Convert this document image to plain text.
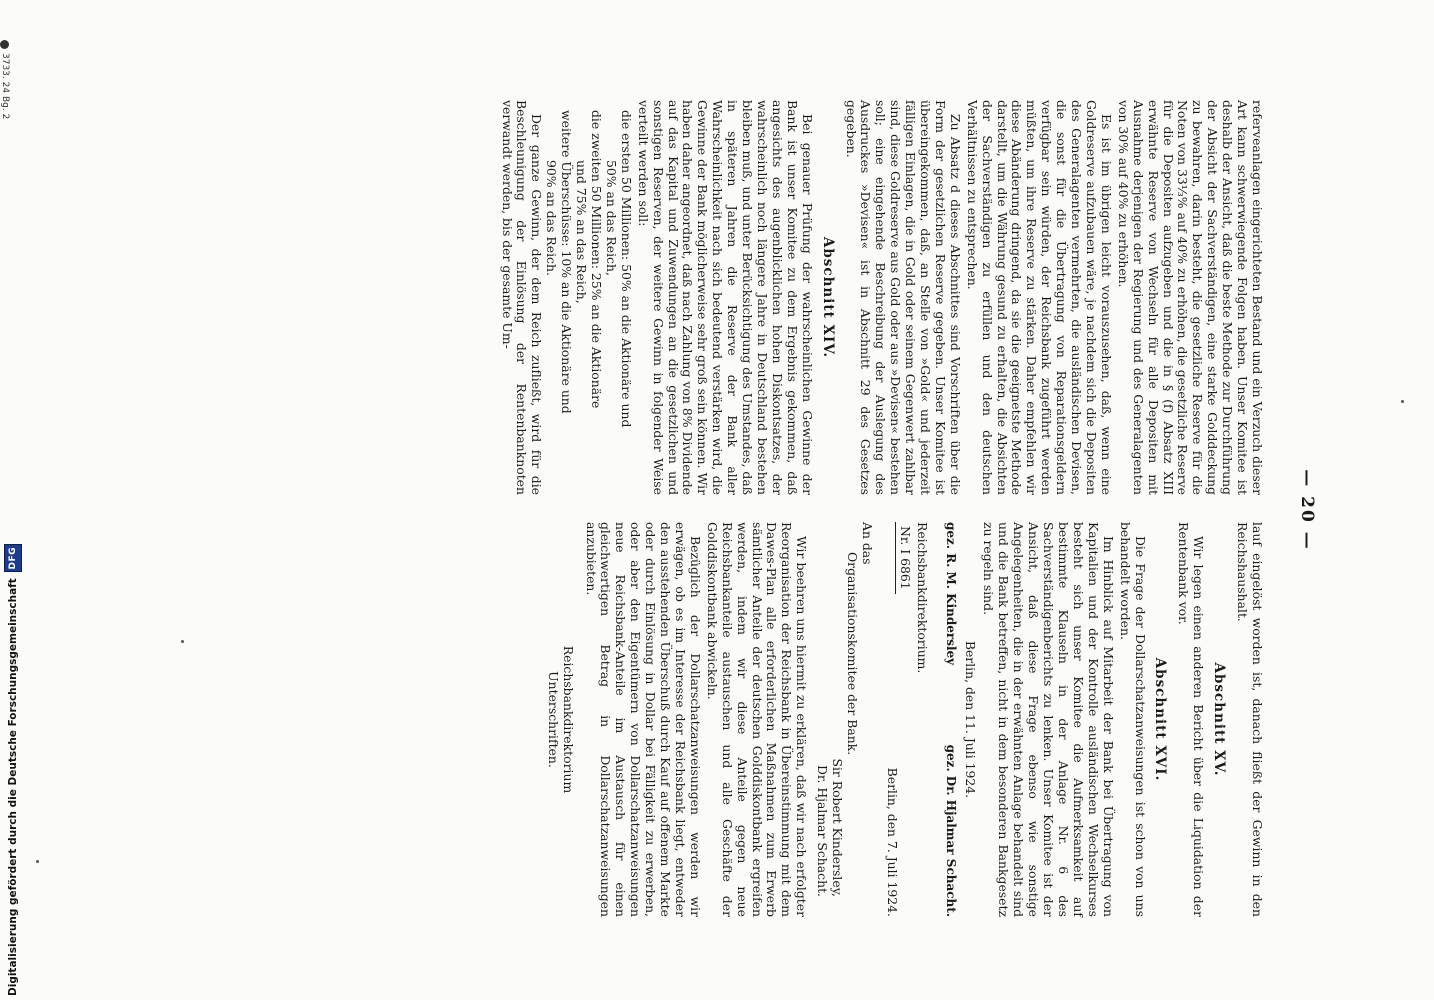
— 20 —

referveanlagen eingerichteten Bestand und ein Verzuch dieser Art kann schwerwiegende Folgen haben. Unser Komitee ist deshalb der Ansicht, daß die beste Methode zur Durchführung der Absicht der Sachverständigen, eine starke Golddeckung zu bewahren, darin besteht, die gesetzliche Reserve für die Noten von 33⅓% auf 40% zu erhöhen, die gesetzliche Reserve für die Depositen aufzugeben und die in § (f) Absatz XIII erwähnte Reserve von Wechseln für alle Depositen mit Ausnahme derjenigen der Regierung und des Generalagenten von 30% auf 40% zu erhöhen.

Es ist im übrigen leicht vorauszusehen, daß, wenn eine Goldreserve aufzubauen wäre, je nachdem sich die Depositen des Generalagenten vermehrten, die ausländischen Devisen, die sonst für die Übertragung von Reparationsgeldern verfügbar sein würden, der Reichsbank zugeführt werden müßten, um ihre Reserve zu stärken. Daher empfehlen wir diese Abänderung dringend, da sie die geeignetste Methode darstellt, um die Währung gesund zu erhalten, die Absichten der Sachverständigen zu erfüllen und den deutschen Verhältnissen zu entsprechen.

Zu Absatz d dieses Abschnittes sind Vorschriften über die Form der gesetzlichen Reserve gegeben. Unser Komitee ist übereingekommen, daß, an Stelle von »Gold« und jederzeit fälligen Einlagen, die in Gold oder seinem Gegenwert zahlbar sind, diese Goldreserve aus Gold oder aus »Devisen« bestehen soll; eine eingehende Beschreibung der Auslegung des Ausdruckes »Devisen« ist in Abschnitt 29 des Gesetzes gegeben.

Abschnitt XIV.

Bei genauer Prüfung der wahrscheinlichen Gewinne der Bank ist unser Komitee zu dem Ergebnis gekommen, daß angesichts des augenblicklichen hohen Diskontsatzes, der wahrscheinlich noch längere Jahre in Deutschland bestehen bleiben muß, und unter Berücksichtigung des Umstandes, daß in späteren Jahren die Reserve der Bank aller Wahrscheinlichkeit nach sich bedeutend verstärken wird, die Gewinne der Bank möglicherweise sehr groß sein können. Wir haben daher angeordnet, daß nach Zahlung von 8% Dividende auf das Kapital und Zuwendungen an die gesetzlichen und sonstigen Reserven, der weitere Gewinn in folgender Weise verteilt werden soll:

die ersten 50 Millionen: 50% an die Aktionäre und

50% an das Reich,

die zweiten 50 Millionen: 25% an die Aktionäre

und 75% an das Reich,

weitere Überschüsse: 10% an die Aktionäre und

90% an das Reich.

Der ganze Gewinn, der dem Reich zufließt, wird für die Beschleunigung der Einlösung der Rentenbanknoten verwandt werden, bis der gesamte Um-

lauf eingelöst worden ist, danach fließt der Gewinn in den Reichshaushalt.

Abschnitt XV.

Wir legen einen anderen Bericht über die Liquidation der Rentenbank vor.

Abschnitt XVI.

Die Frage der Dollarschatzanweisungen ist schon von uns behandelt worden.

Im Hinblick auf Mitarbeit der Bank bei Übertragung von Kapitalien und der Kontrolle ausländischen Wechselkurses besteht sich unser Komitee die Aufmerksamkeit auf bestimmte Klauseln in der Anlage Nr. 6 des Sachverständigenberichts zu lenken. Unser Komitee ist der Ansicht, daß diese Frage ebenso wie sonstige Angelegenheiten, die in der erwähnten Anlage behandelt sind und die Bank betreffen, nicht in dem besonderen Bankgesetz zu regeln sind.

Berlin, den 11. Juli 1924.
gez. R. M. Kindersley
gez. Dr. Hjalmar Schacht.
Reichsbankdirektorium.
Nr. I 6861
Berlin, den 7. Juli 1924.
An das
Organisationskomitee der Bank.
Sir Robert Kindersley,
Dr. Hjalmar Schacht.

Wir beehren uns hiermit zu erklären, daß wir nach erfolgter Reorganisation der Reichsbank in Übereinstimmung mit dem Dawes-Plan alle erforderlichen Maßnahmen zum Erwerb sämtlicher Anteile der deutschen Golddiskontbank ergreifen werden, indem wir diese Anteile gegen neue Reichsbankanteile austauschen und alle Geschäfte der Golddiskontbank abwickeln.

Bezüglich der Dollarschatzanweisungen werden wir erwägen, ob es im Interesse der Reichsbank liegt, entweder den ausstehenden Überschuß durch Kauf auf offenem Markte oder durch Einlösung in Dollar bei Fälligkeit zu erwerben, oder aber den Eigentümern von Dollarschatzanweisungen neue Reichsbank-Anteile im Austausch für einen gleichwertigen Betrag in Dollarschatzanweisungen anzubieten.

Reichsbankdirektorium
Unterschriften.
3733. 24 Bg. 2
Digitalisierung gefördert durch die Deutsche Forschungsgemeinschaft
DFG
